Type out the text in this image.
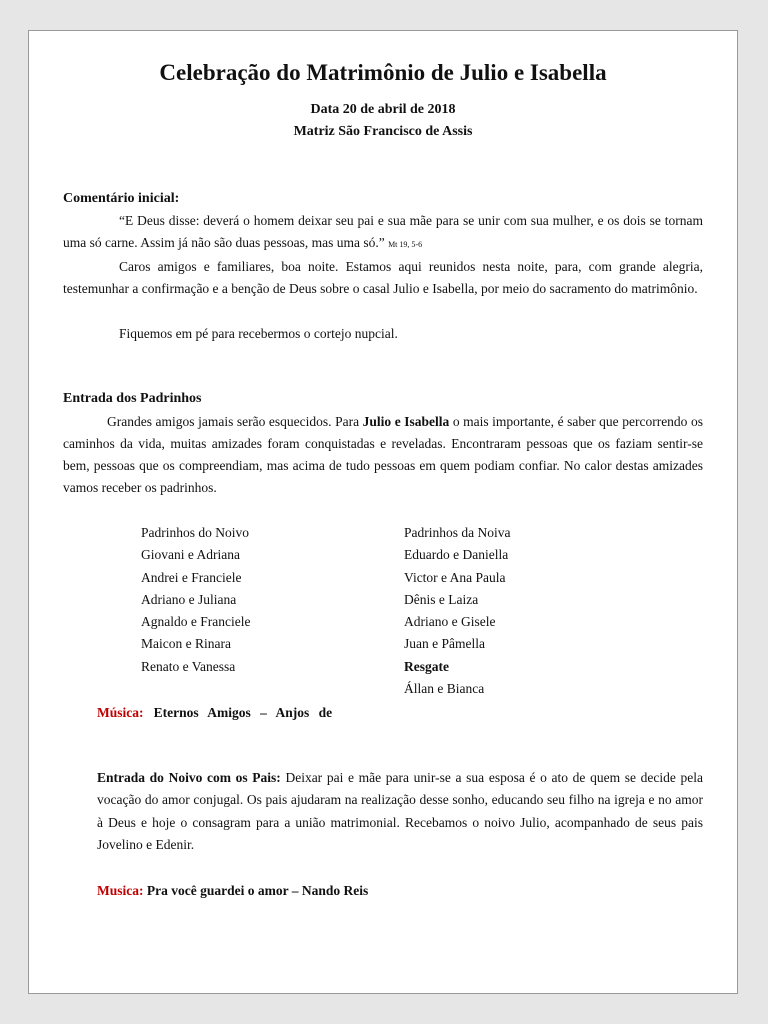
Celebração do Matrimônio de Julio e Isabella
Data 20 de abril de 2018
Matriz São Francisco de Assis
Comentário inicial:

“E Deus disse: deverá o homem deixar seu pai e sua mãe para se unir com sua mulher, e os dois se tornam uma só carne. Assim já não são duas pessoas, mas uma só.” Mt 19, 5-6

Caros amigos e familiares, boa noite. Estamos aqui reunidos nesta noite, para, com grande alegria, testemunhar a confirmação e a benção de Deus sobre o casal Julio e Isabella, por meio do sacramento do matrimônio.

Fiquemos em pé para recebermos o cortejo nupcial.

Entrada dos Padrinhos

Grandes amigos jamais serão esquecidos. Para Julio e Isabella o mais importante, é saber que percorrendo os caminhos da vida, muitas amizades foram conquistadas e reveladas. Encontraram pessoas que os faziam sentir-se bem, pessoas que os compreendiam, mas acima de tudo pessoas em quem podiam confiar. No calor destas amizades vamos receber os padrinhos.

Padrinhos do Noivo
Giovani e Adriana
Andrei e Franciele
Adriano e Juliana
Agnaldo e Franciele
Maicon e Rinara
Renato e Vanessa
Padrinhos da Noiva
Eduardo e Daniella
Victor e Ana Paula
Dênis e Laiza
Adriano e Gisele
Juan e Pâmella
Resgate
Állan e Bianca
Música: Eternos Amigos – Anjos de

Entrada do Noivo com os Pais: Deixar pai e mãe para unir-se a sua esposa é o ato de quem se decide pela vocação do amor conjugal. Os pais ajudaram na realização desse sonho, educando seu filho na igreja e no amor à Deus e hoje o consagram para a união matrimonial. Recebamos o noivo Julio, acompanhado de seus pais Jovelino e Edenir.

Musica: Pra você guardei o amor – Nando Reis
